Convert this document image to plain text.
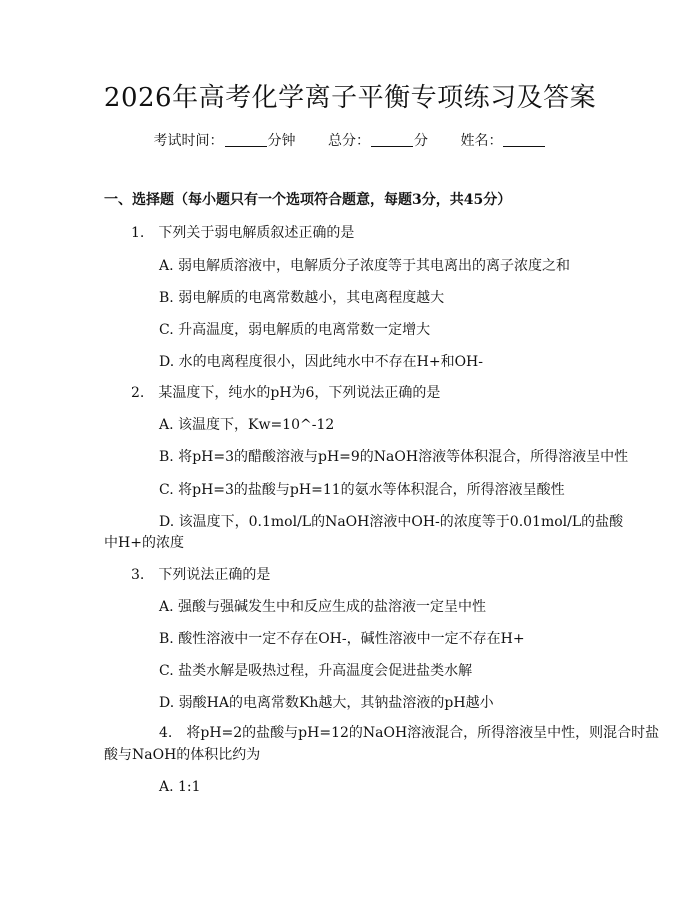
2026年高考化学离子平衡专项练习及答案
考试时间：	分钟 总分：	分 姓名：
一、选择题（每小题只有一个选项符合题意，每题3分，共45分）
1.　下列关于弱电解质叙述正确的是
A. 弱电解质溶液中，电解质分子浓度等于其电离出的离子浓度之和
B. 弱电解质的电离常数越小，其电离程度越大
C. 升高温度，弱电解质的电离常数一定增大
D. 水的电离程度很小，因此纯水中不存在H+和OH-
2.　某温度下，纯水的pH为6，下列说法正确的是
A. 该温度下，Kw=10^-12
B. 将pH=3的醋酸溶液与pH=9的NaOH溶液等体积混合，所得溶液呈中性
C. 将pH=3的盐酸与pH=11的氨水等体积混合，所得溶液呈酸性
D. 该温度下，0.1mol/L的NaOH溶液中OH-的浓度等于0.01mol/L的盐酸
中H+的浓度
3.　下列说法正确的是
A. 强酸与强碱发生中和反应生成的盐溶液一定呈中性
B. 酸性溶液中一定不存在OH-，碱性溶液中一定不存在H+
C. 盐类水解是吸热过程，升高温度会促进盐类水解
D. 弱酸HA的电离常数Kh越大，其钠盐溶液的pH越小
4.　将pH=2的盐酸与pH=12的NaOH溶液混合，所得溶液呈中性，则混合时盐
酸与NaOH的体积比约为
A. 1:1
